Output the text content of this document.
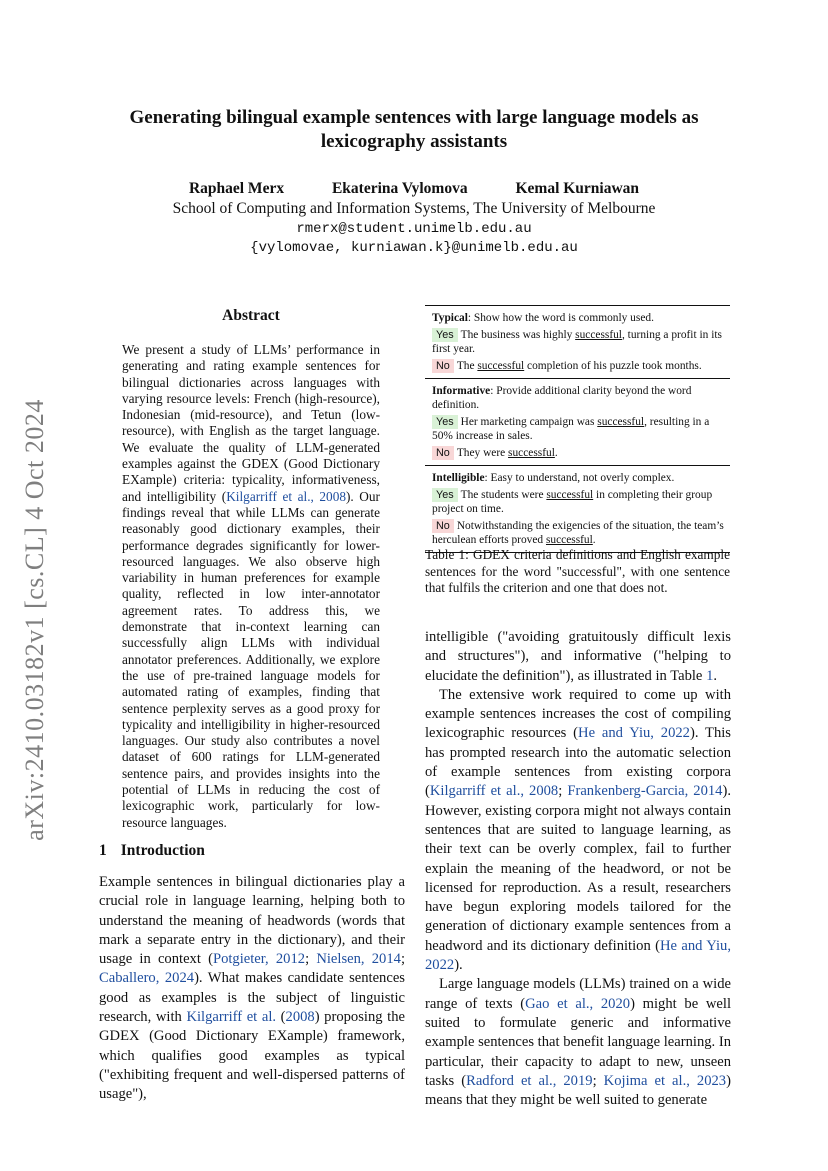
arXiv:2410.03182v1 [cs.CL] 4 Oct 2024
Generating bilingual example sentences with large language models as lexicography assistants
Raphael Merx	Ekaterina Vylomova	Kemal Kurniawan
School of Computing and Information Systems, The University of Melbourne
rmerx@student.unimelb.edu.au
{vylomovae, kurniawan.k}@unimelb.edu.au
Abstract
We present a study of LLMs’ performance in generating and rating example sentences for bilingual dictionaries across languages with varying resource levels: French (high-resource), Indonesian (mid-resource), and Tetun (low-resource), with English as the target language. We evaluate the quality of LLM-generated examples against the GDEX (Good Dictionary EXample) criteria: typicality, informativeness, and intelligibility (Kilgarriff et al., 2008). Our findings reveal that while LLMs can generate reasonably good dictionary examples, their performance degrades significantly for lower-resourced languages. We also observe high variability in human preferences for example quality, reflected in low inter-annotator agreement rates. To address this, we demonstrate that in-context learning can successfully align LLMs with individual annotator preferences. Additionally, we explore the use of pre-trained language models for automated rating of examples, finding that sentence perplexity serves as a good proxy for typicality and intelligibility in higher-resourced languages. Our study also contributes a novel dataset of 600 ratings for LLM-generated sentence pairs, and provides insights into the potential of LLMs in reducing the cost of lexicographic work, particularly for low-resource languages.
1 Introduction

Example sentences in bilingual dictionaries play a crucial role in language learning, helping both to understand the meaning of headwords (words that mark a separate entry in the dictionary), and their usage in context (Potgieter, 2012; Nielsen, 2014; Caballero, 2024). What makes candidate sentences good as examples is the subject of linguistic research, with Kilgarriff et al. (2008) proposing the GDEX (Good Dictionary EXample) framework, which qualifies good examples as typical ("exhibiting frequent and well-dispersed patterns of usage"),

Typical: Show how the word is commonly used.
Yes The business was highly successful, turning a profit in its first year.
No The successful completion of his puzzle took months.
Informative: Provide additional clarity beyond the word definition.
Yes Her marketing campaign was successful, resulting in a 50% increase in sales.
No They were successful.
Intelligible: Easy to understand, not overly complex.
Yes The students were successful in completing their group project on time.
No Notwithstanding the exigencies of the situation, the team’s herculean efforts proved successful.
Table 1: GDEX criteria definitions and English example sentences for the word "successful", with one sentence that fulfils the criterion and one that does not.

intelligible ("avoiding gratuitously difficult lexis and structures"), and informative ("helping to elucidate the definition"), as illustrated in Table 1.

The extensive work required to come up with example sentences increases the cost of compiling lexicographic resources (He and Yiu, 2022). This has prompted research into the automatic selection of example sentences from existing corpora (Kilgarriff et al., 2008; Frankenberg-Garcia, 2014). However, existing corpora might not always contain sentences that are suited to language learning, as their text can be overly complex, fail to further explain the meaning of the headword, or not be licensed for reproduction. As a result, researchers have begun exploring models tailored for the generation of dictionary example sentences from a headword and its dictionary definition (He and Yiu, 2022).

Large language models (LLMs) trained on a wide range of texts (Gao et al., 2020) might be well suited to formulate generic and informative example sentences that benefit language learning. In particular, their capacity to adapt to new, unseen tasks (Radford et al., 2019; Kojima et al., 2023) means that they might be well suited to generate
